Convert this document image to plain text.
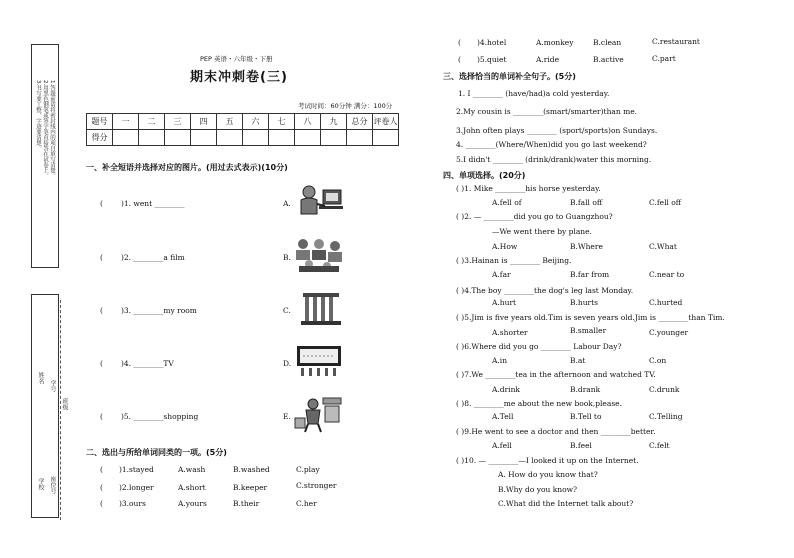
1.答题前请将密封线内的项目填写清楚。
2.用黑色钢笔或签字笔直接答在试卷上。
3.书写要工整，字迹要清楚。
姓名
学号
班级
学校 座位号
PEP 英语・六年级・下册
期末冲刺卷(三)
考试时间：60分钟 满分：100分
题号	一	二	三	四	五	六	七	八	九	总分	评卷人
得分											
一、补全短语并选择对应的图片。(用过去式表示)(10分)
( )1. went ________
( )2. ________a film
( )3. ________my room
( )4. ________TV
( )5. ________shopping
A.
B.
C.
D.
E.
二、选出与所给单词同类的一项。(5分)
( )1.stayed	A.wash	B.washed	C.play
( )2.longer	A.short	B.keeper	C.stronger
( )3.ours	A.yours	B.their	C.her
( )4.hotel	A.monkey	B.clean	C.restaurant
( )5.quiet	A.ride	B.active	C.part
三、选择恰当的单词补全句子。(5分)
1. I ________ (have/had)a cold yesterday.
2.My cousin is ________(smart/smarter)than me.
3.John often plays ________ (sport/sports)on Sundays.
4. ________(Where/When)did you go last weekend?
5.I didn't ________ (drink/drank)water this morning.
四、单项选择。(20分)
( )1. Mike ________his horse yesterday.
A.fell of	B.fall off	C.fell off
( )2. — ________did you go to Guangzhou?
—We went there by plane.
A.How	B.Where	C.What
( )3.Hainan is ________ Beijing.
A.far	B.far from	C.near to
( )4.The boy ________the dog's leg last Monday.
A.hurt	B.hurts	C.hurted
( )5.Jim is five years old.Tim is seven years old.Jim is ________than Tim.
A.shorter	B.smaller	C.younger
( )6.Where did you go ________ Labour Day?
A.in	B.at	C.on
( )7.We ________tea in the afternoon and watched TV.
A.drink	B.drank	C.drunk
( )8. ________me about the new book,please.
A.Tell	B.Tell to	C.Telling
( )9.He went to see a doctor and then ________better.
A.fell	B.feel	C.felt
( )10. — ________—I looked it up on the Internet.
A. How do you know that?
B.Why do you know?
C.What did the Internet talk about?
